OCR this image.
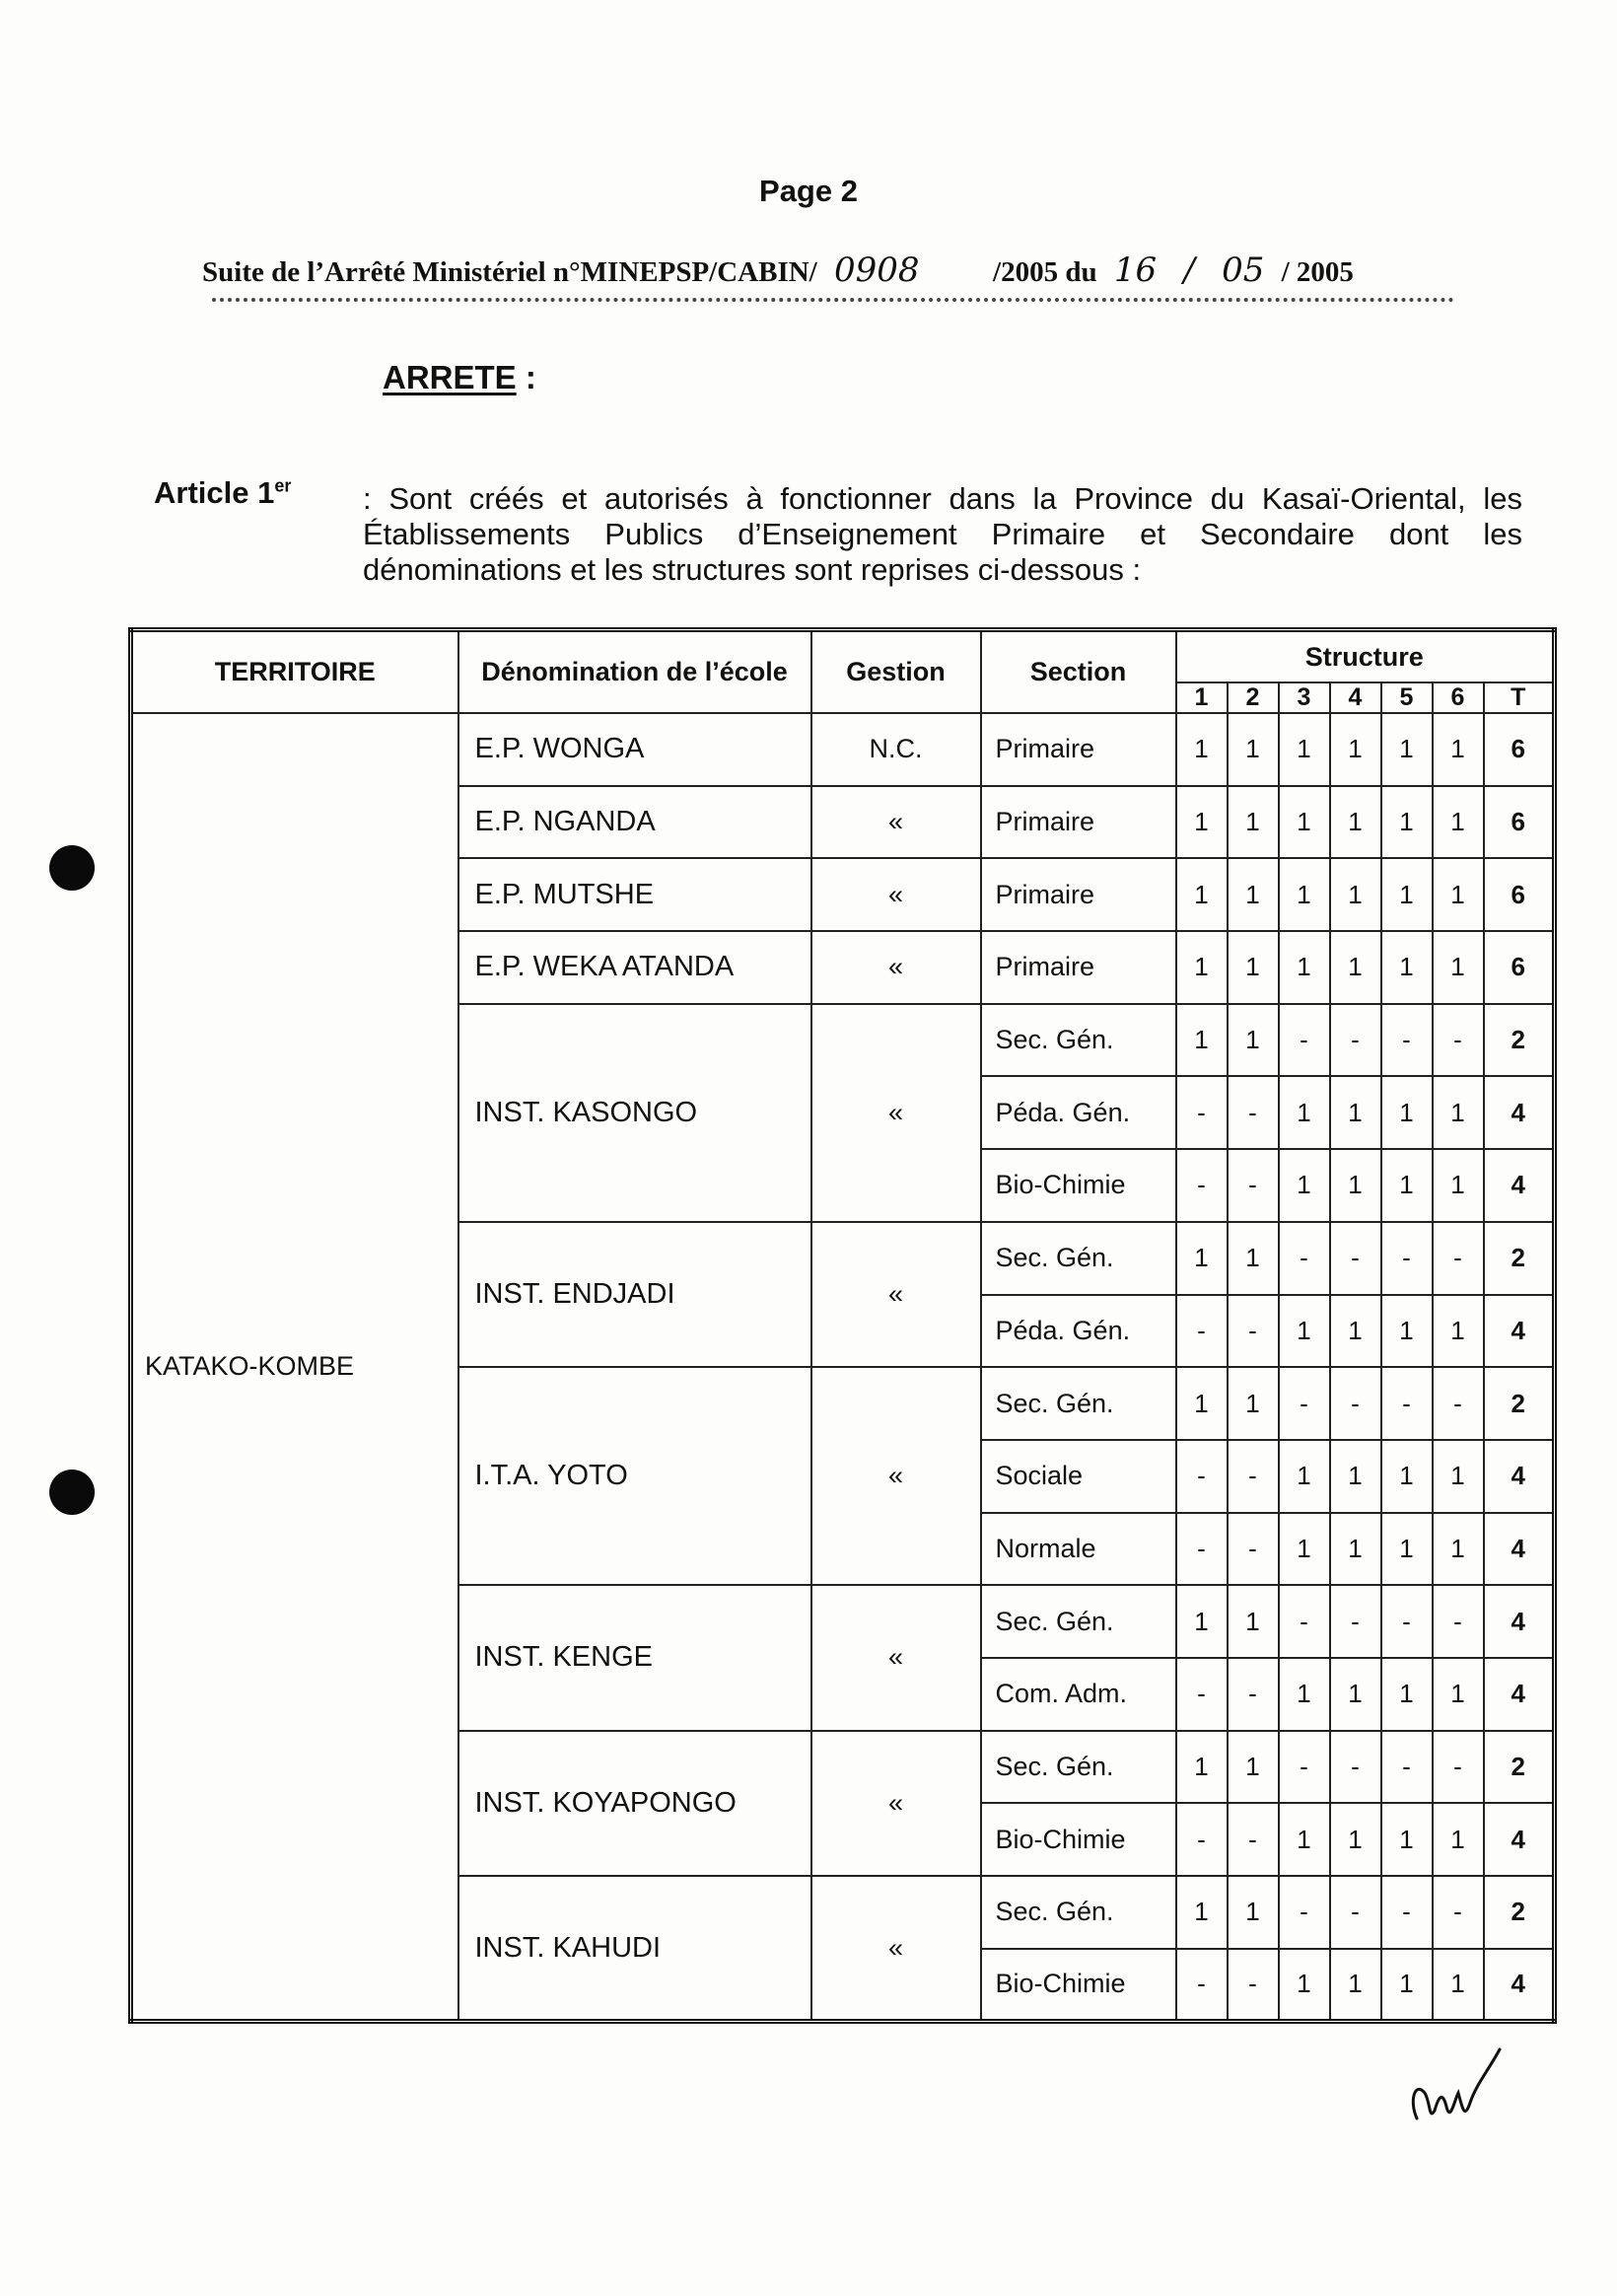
Page 2
Suite de l’Arrêté Ministériel n°MINEPSP/CABIN/ 0908	/2005 du 16 / 05 / 2005
ARRETE :
Article 1er : Sont créés et autorisés à fonctionner dans la Province du Kasaï-Oriental, les Établissements Publics d’Enseignement Primaire et Secondaire dont les dénominations et les structures sont reprises ci-dessous :
TERRITOIRE	Dénomination de l’école	Gestion	Section	Structure						
				1	2	3	4	5	6	T
KATAKO-KOMBE	E.P. WONGA	N.C.	Primaire	1	1	1	1	1	1	6
	E.P. NGANDA	«	Primaire	1	1	1	1	1	1	6
	E.P. MUTSHE	«	Primaire	1	1	1	1	1	1	6
	E.P. WEKA ATANDA	«	Primaire	1	1	1	1	1	1	6
	INST. KASONGO	«	Sec. Gén.	1	1	-	-	-	-	2
			Péda. Gén.	-	-	1	1	1	1	4
			Bio-Chimie	-	-	1	1	1	1	4
	INST. ENDJADI	«	Sec. Gén.	1	1	-	-	-	-	2
			Péda. Gén.	-	-	1	1	1	1	4
	I.T.A. YOTO	«	Sec. Gén.	1	1	-	-	-	-	2
			Sociale	-	-	1	1	1	1	4
			Normale	-	-	1	1	1	1	4
	INST. KENGE	«	Sec. Gén.	1	1	-	-	-	-	4
			Com. Adm.	-	-	1	1	1	1	4
	INST. KOYAPONGO	«	Sec. Gén.	1	1	-	-	-	-	2
			Bio-Chimie	-	-	1	1	1	1	4
	INST. KAHUDI	«	Sec. Gén.	1	1	-	-	-	-	2
			Bio-Chimie	-	-	1	1	1	1	4
